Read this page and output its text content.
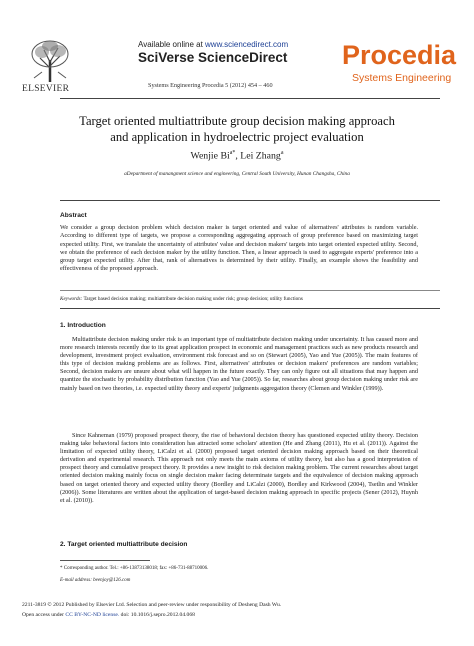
ELSEVIER
Available online at www.sciencedirect.com
SciVerse ScienceDirect
Systems Engineering Procedia 5 (2012) 454 – 460
Procedia
Systems Engineering
Target oriented multiattribute group decision making approach
and application in hydroelectric project evaluation
Wenjie $Bi^{a*}$, Lei Zhang$^a$
aDepartment of manangment science and engineering, Central South University, Hunan Changsha, China
Abstract
We consider a group decision problem which decision maker is target oriented and value of alternatives' attributes is random variable. According to different type of targets, we propose a corresponding aggregating approach of group preference based on maximizing target expected utility. First, we translate the uncertainty of attributes' value and decision makers' targets into target oriented expected utility. Second, we obtain the preference of each decision maker by the utility function. Then, a linear approach is used to aggregate experts' preference into a group target expected utility. After that, rank of alternatives is determined by their utility. Finally, an example shows the feasibility and effectiveness of the proposed approach.
Keywords: Target based decision making; multiattribute decision making under risk; group decision; utility functions
1. Introduction
Multiattribute decision making under risk is an important type of multiattribute decision making under uncertainty. It has caused more and more research interests recently due to its great application prospect in economic and management practices such as new products research and development, investment project evaluation, environment risk forecast and so on (Stewart (2005), Yao and Yue (2005)). The main features of this type of decision making problems are as follows. First, alternatives' attributes or decision makers' preferences are random variables; Second, decision makers are unsure about what will happen in the future exactly. They can only figure out all situations that may happen and quantize the stochastic by probability distribution function (Yao and Yue (2005)). So far, researches about group decision making under risk are mainly based on two theories, i.e. expected utility theory and experts' judgments aggregation theory (Clemen and Winkler (1999)).
Since Kahneman (1979) proposed prospect theory, the rise of behavioral decision theory has questioned expected utility theory. Decision making take behavioral factors into consideration has attracted some scholars' attention (He and Zhang (2011), Hu et al. (2011)). Against the limitation of expected utility theory, LiCalzi et al. (2000) proposed target oriented decision making approach based on their theoretical derivation and experimental research. This approach not only meets the main axioms of utility theory, but also has a good interpretation of prospect theory and cumulative prospect theory. It provides a new insight to risk decision making problem. The current researches about target oriented decision making mainly focus on single decision maker facing determinate targets and the equivalence of decision making approach based on target oriented theory and expected utility theory (Bordley and LiCalzi (2000), Bordley and Kirkwood (2004), Tsetlin and Winkler (2006)). Some literatures are written about the application of target-based decision making approach in specific projects (Sener (2012), Huynh et al. (2010)).
2. Target oriented multiattribute decision
* Corresponding author. Tel.: +86-13873138018; fax: +86-731-88710006.
E-mail address: beenjoy@126.com
2211-3819 © 2012 Published by Elsevier Ltd. Selection and peer-review under responsibility of Desheng Dash Wu.
Open access under CC BY-NC-ND license. doi: 10.1016/j.sepro.2012.04.068
